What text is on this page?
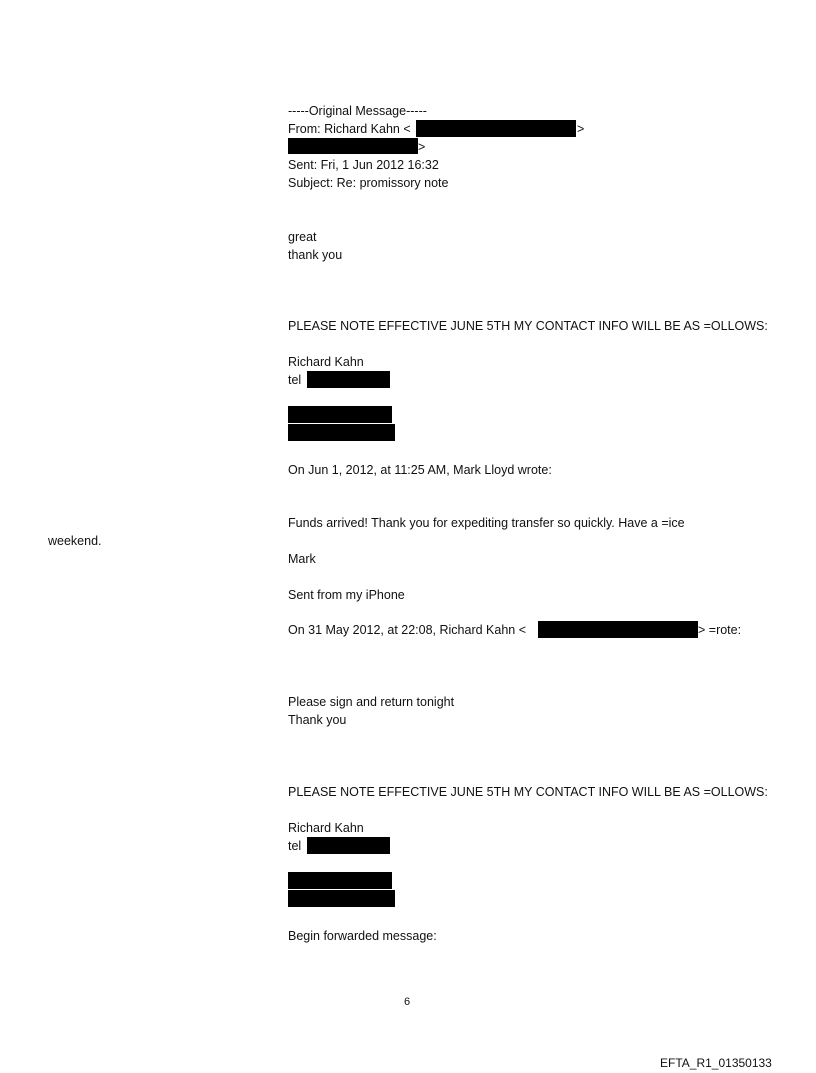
-----Original Message-----
From: Richard Kahn <	>
>
Sent: Fri, 1 Jun 2012 16:32
Subject: Re: promissory note
great
thank you
PLEASE NOTE EFFECTIVE JUNE 5TH MY CONTACT INFO WILL BE AS =OLLOWS:
Richard Kahn
tel
On Jun 1, 2012, at 11:25 AM, Mark Lloyd wrote:
Funds arrived! Thank you for expediting transfer so quickly. Have a =ice
weekend.
Mark
Sent from my iPhone
On 31 May 2012, at 22:08, Richard Kahn <	> =rote:
Please sign and return tonight
Thank you
PLEASE NOTE EFFECTIVE JUNE 5TH MY CONTACT INFO WILL BE AS =OLLOWS:
Richard Kahn
tel
Begin forwarded message:
6
EFTA_R1_01350133
